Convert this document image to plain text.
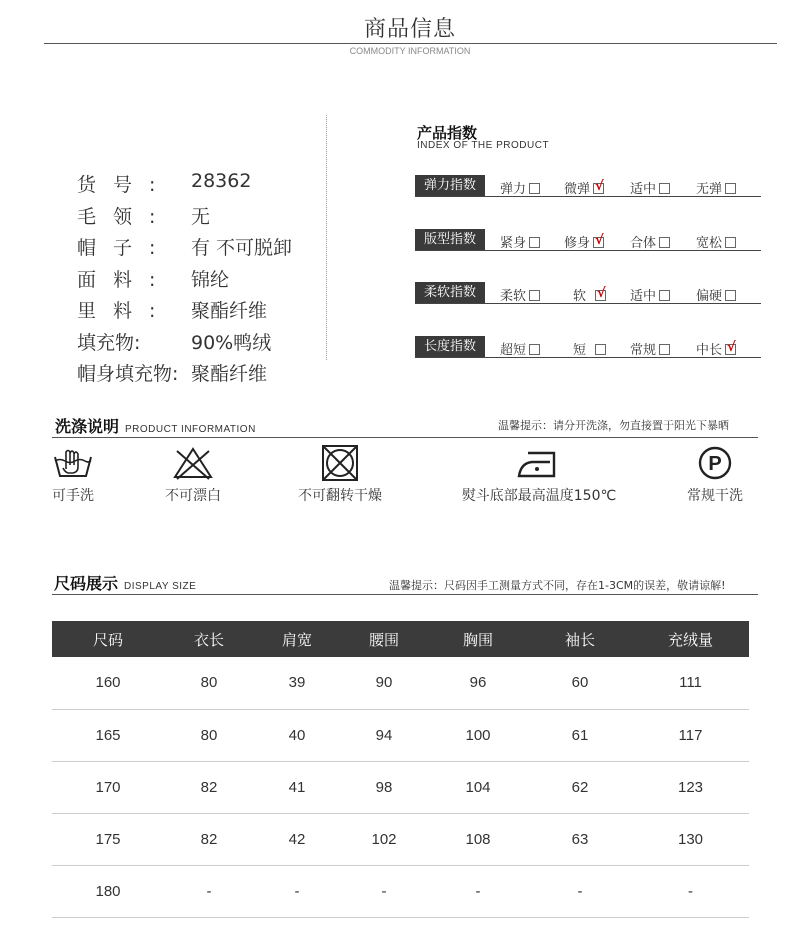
商品信息
COMMODITY INFORMATION
货号: 28362
毛领: 无
帽子: 有 不可脱卸
面料: 锦纶
里料: 聚酯纤维
填充物:	90%鸭绒
帽身填充物: 聚酯纤维
产品指数
INDEX OF THE PRODUCT
弹力指数	弹力	微弹 √	适中	无弹
版型指数	紧身	修身 √	合体	宽松
柔软指数	柔软	软 √	适中	偏硬
长度指数	超短	短	常规	中长√
洗涤说明 PRODUCT INFORMATION	温馨提示：请分开洗涤，勿直接置于阳光下暴晒
可手洗	不可漂白	不可翻转干燥	熨斗底部最高温度150℃
P
常规干洗
尺码展示 DISPLAY SIZE	温馨提示：尺码因手工测量方式不同，存在1-3CM的误差，敬请谅解!
尺码	衣长	肩宽	腰围	胸围	袖长	充绒量
160	80	39	90	96	60	111
165	80	40	94	100	61	117
170	82	41	98	104	62	123
175	82	42	102	108	63	130
180	-	-	-	-	-	-
